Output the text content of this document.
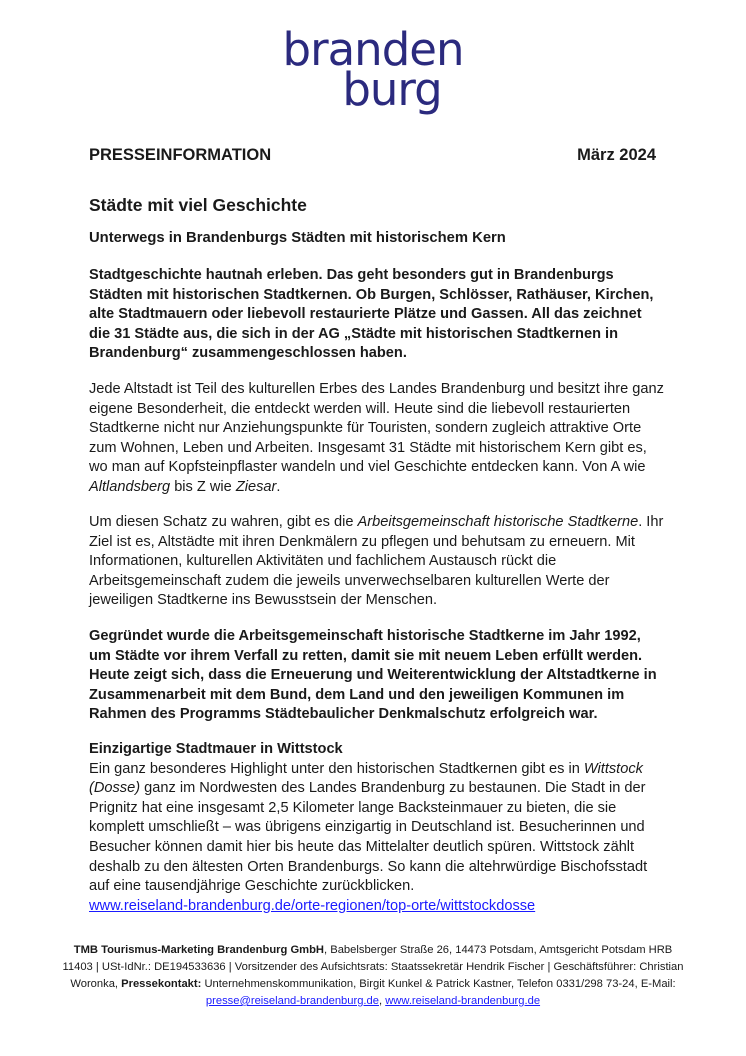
branden
burg
PRESSEINFORMATION	März 2024
Städte mit viel Geschichte
Unterwegs in Brandenburgs Städten mit historischem Kern

Stadtgeschichte hautnah erleben. Das geht besonders gut in Brandenburgs Städten mit historischen Stadtkernen. Ob Burgen, Schlösser, Rathäuser, Kirchen, alte Stadtmauern oder liebevoll restaurierte Plätze und Gassen. All das zeichnet die 31 Städte aus, die sich in der AG „Städte mit historischen Stadtkernen in Brandenburg“ zusammengeschlossen haben.

Jede Altstadt ist Teil des kulturellen Erbes des Landes Brandenburg und besitzt ihre ganz eigene Besonderheit, die entdeckt werden will. Heute sind die liebevoll restaurierten Stadtkerne nicht nur Anziehungspunkte für Touristen, sondern zugleich attraktive Orte zum Wohnen, Leben und Arbeiten. Insgesamt 31 Städte mit historischem Kern gibt es, wo man auf Kopfsteinpflaster wandeln und viel Geschichte entdecken kann. Von A wie Altlandsberg bis Z wie Ziesar.

Um diesen Schatz zu wahren, gibt es die Arbeitsgemeinschaft historische Stadtkerne. Ihr Ziel ist es, Altstädte mit ihren Denkmälern zu pflegen und behutsam zu erneuern. Mit Informationen, kulturellen Aktivitäten und fachlichem Austausch rückt die Arbeitsgemeinschaft zudem die jeweils unverwechselbaren kulturellen Werte der jeweiligen Stadtkerne ins Bewusstsein der Menschen.

Gegründet wurde die Arbeitsgemeinschaft historische Stadtkerne im Jahr 1992, um Städte vor ihrem Verfall zu retten, damit sie mit neuem Leben erfüllt werden. Heute zeigt sich, dass die Erneuerung und Weiterentwicklung der Altstadtkerne in Zusammenarbeit mit dem Bund, dem Land und den jeweiligen Kommunen im Rahmen des Programms Städtebaulicher Denkmalschutz erfolgreich war.

Einzigartige Stadtmauer in Wittstock

Ein ganz besonderes Highlight unter den historischen Stadtkernen gibt es in Wittstock (Dosse) ganz im Nordwesten des Landes Brandenburg zu bestaunen. Die Stadt in der Prignitz hat eine insgesamt 2,5 Kilometer lange Backsteinmauer zu bieten, die sie komplett umschließt – was übrigens einzigartig in Deutschland ist. Besucherinnen und Besucher können damit hier bis heute das Mittelalter deutlich spüren. Wittstock zählt deshalb zu den ältesten Orten Brandenburgs. So kann die altehrwürdige Bischofsstadt auf eine tausendjährige Geschichte zurückblicken.

www.reiseland-brandenburg.de/orte-regionen/top-orte/wittstockdosse

TMB Tourismus-Marketing Brandenburg GmbH, Babelsberger Straße 26, 14473 Potsdam, Amtsgericht Potsdam HRB 11403 | USt-IdNr.: DE194533636 | Vorsitzender des Aufsichtsrats: Staatssekretär Hendrik Fischer | Geschäftsführer: Christian Woronka, Pressekontakt: Unternehmenskommunikation, Birgit Kunkel & Patrick Kastner, Telefon 0331/298 73-24, E-Mail: presse@reiseland-brandenburg.de, www.reiseland-brandenburg.de
